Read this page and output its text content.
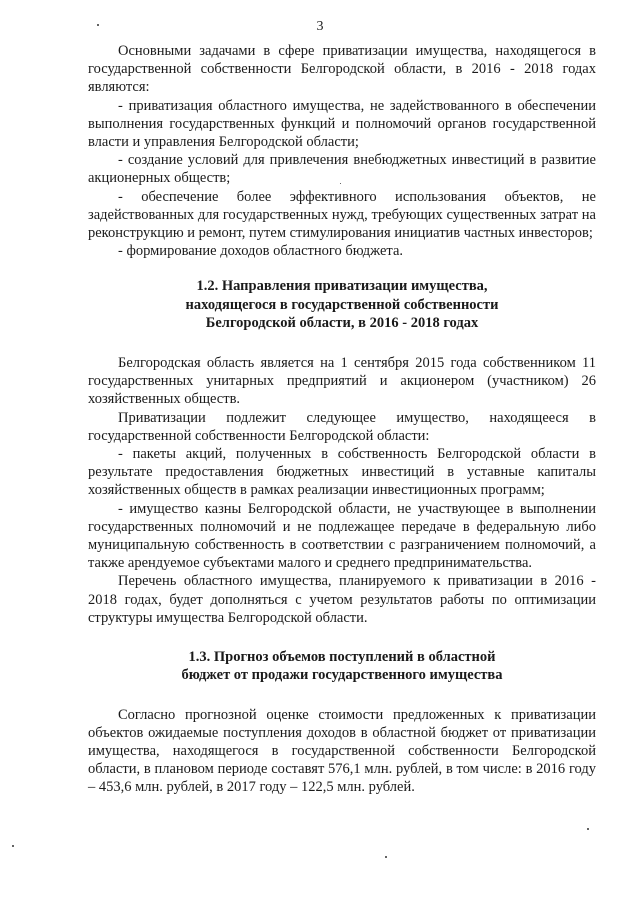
3

Основными задачами в сфере приватизации имущества, находящегося в государственной собственности Белгородской области, в 2016 - 2018 годах являются:

- приватизация областного имущества, не задействованного в обеспечении выполнения государственных функций и полномочий органов государственной власти и управления Белгородской области;

- создание условий для привлечения внебюджетных инвестиций в развитие акционерных обществ;

- обеспечение более эффективного использования объектов, не задействованных для государственных нужд, требующих существенных затрат на реконструкцию и ремонт, путем стимулирования инициатив частных инвесторов;

- формирование доходов областного бюджета.

1.2. Направления приватизации имущества,
находящегося в государственной собственности
Белгородской области, в 2016 - 2018 годах

Белгородская область является на 1 сентября 2015 года собственником 11 государственных унитарных предприятий и акционером (участником) 26 хозяйственных обществ.

Приватизации подлежит следующее имущество, находящееся в государственной собственности Белгородской области:

- пакеты акций, полученных в собственность Белгородской области в результате предоставления бюджетных инвестиций в уставные капиталы хозяйственных обществ в рамках реализации инвестиционных программ;

- имущество казны Белгородской области, не участвующее в выполнении государственных полномочий и не подлежащее передаче в федеральную либо муниципальную собственность в соответствии с разграничением полномочий, а также арендуемое субъектами малого и среднего предпринимательства.

Перечень областного имущества, планируемого к приватизации в 2016 - 2018 годах, будет дополняться с учетом результатов работы по оптимизации структуры имущества Белгородской области.

1.3. Прогноз объемов поступлений в областной
бюджет от продажи государственного имущества

Согласно прогнозной оценке стоимости предложенных к приватизации объектов ожидаемые поступления доходов в областной бюджет от приватизации имущества, находящегося в государственной собственности Белгородской области, в плановом периоде составят 576,1 млн. рублей, в том числе: в 2016 году – 453,6 млн. рублей, в 2017 году – 122,5 млн. рублей.
